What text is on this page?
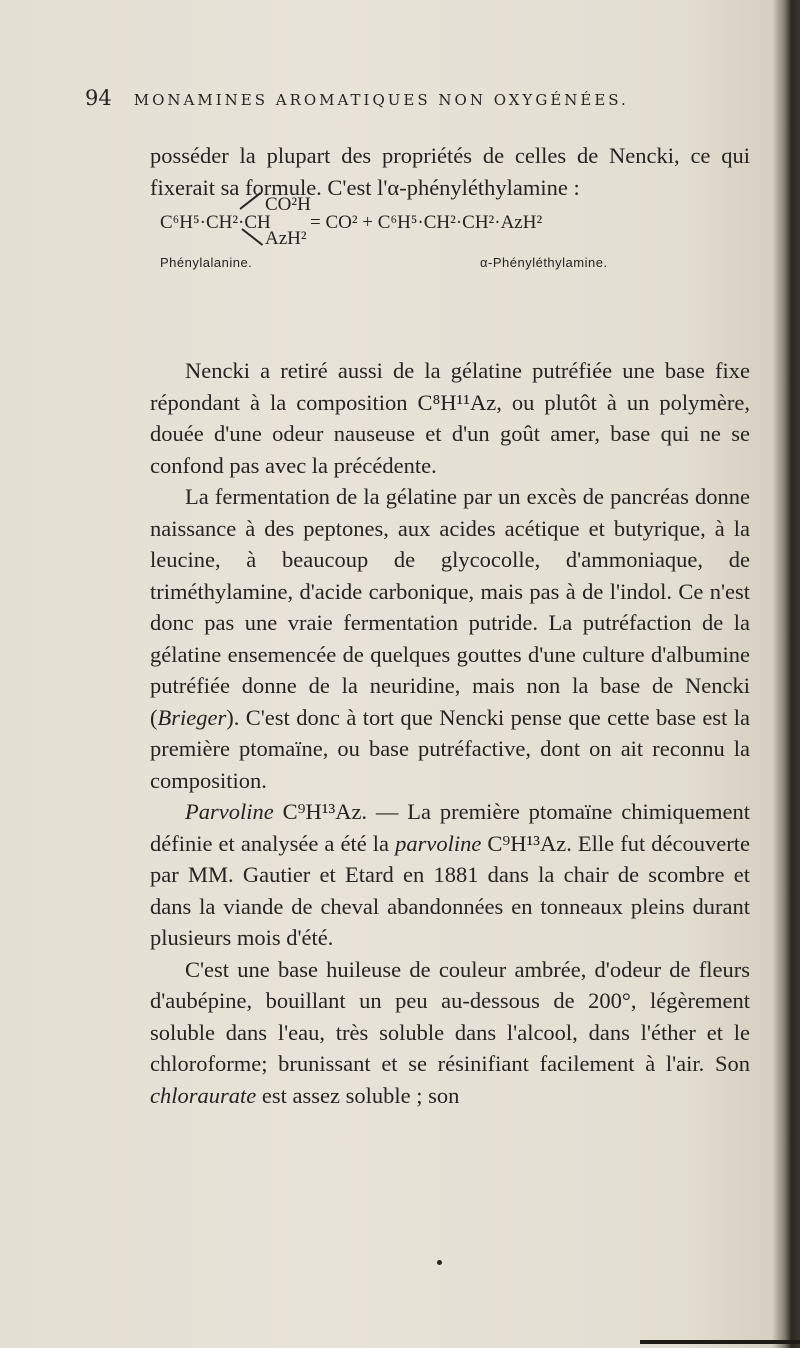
94 MONAMINES AROMATIQUES NON OXYGÉNÉES.

posséder la plupart des propriétés de celles de Nencki, ce qui fixerait sa formule. C'est l'α-phényléthylamine :

C⁶H⁵·CH²·CH
CO²H
AzH²
= CO² + C⁶H⁵·CH²·CH²·AzH²
Phénylalanine.	α-Phényléthylamine.

Nencki a retiré aussi de la gélatine putréfiée une base fixe répondant à la composition C⁸H¹¹Az, ou plutôt à un polymère, douée d'une odeur nauseuse et d'un goût amer, base qui ne se confond pas avec la précédente.

La fermentation de la gélatine par un excès de pancréas donne naissance à des peptones, aux acides acétique et butyrique, à la leucine, à beaucoup de glycocolle, d'ammoniaque, de triméthylamine, d'acide carbonique, mais pas à de l'indol. Ce n'est donc pas une vraie fermentation putride. La putréfaction de la gélatine ensemencée de quelques gouttes d'une culture d'albumine putréfiée donne de la neuridine, mais non la base de Nencki (Brieger). C'est donc à tort que Nencki pense que cette base est la première ptomaïne, ou base putréfactive, dont on ait reconnu la composition.

Parvoline C⁹H¹³Az. — La première ptomaïne chimiquement définie et analysée a été la parvoline C⁹H¹³Az. Elle fut découverte par MM. Gautier et Etard en 1881 dans la chair de scombre et dans la viande de cheval abandonnées en tonneaux pleins durant plusieurs mois d'été.

C'est une base huileuse de couleur ambrée, d'odeur de fleurs d'aubépine, bouillant un peu au-dessous de 200°, légèrement soluble dans l'eau, très soluble dans l'alcool, dans l'éther et le chloroforme; brunissant et se résinifiant facilement à l'air. Son chloraurate est assez soluble ; son
